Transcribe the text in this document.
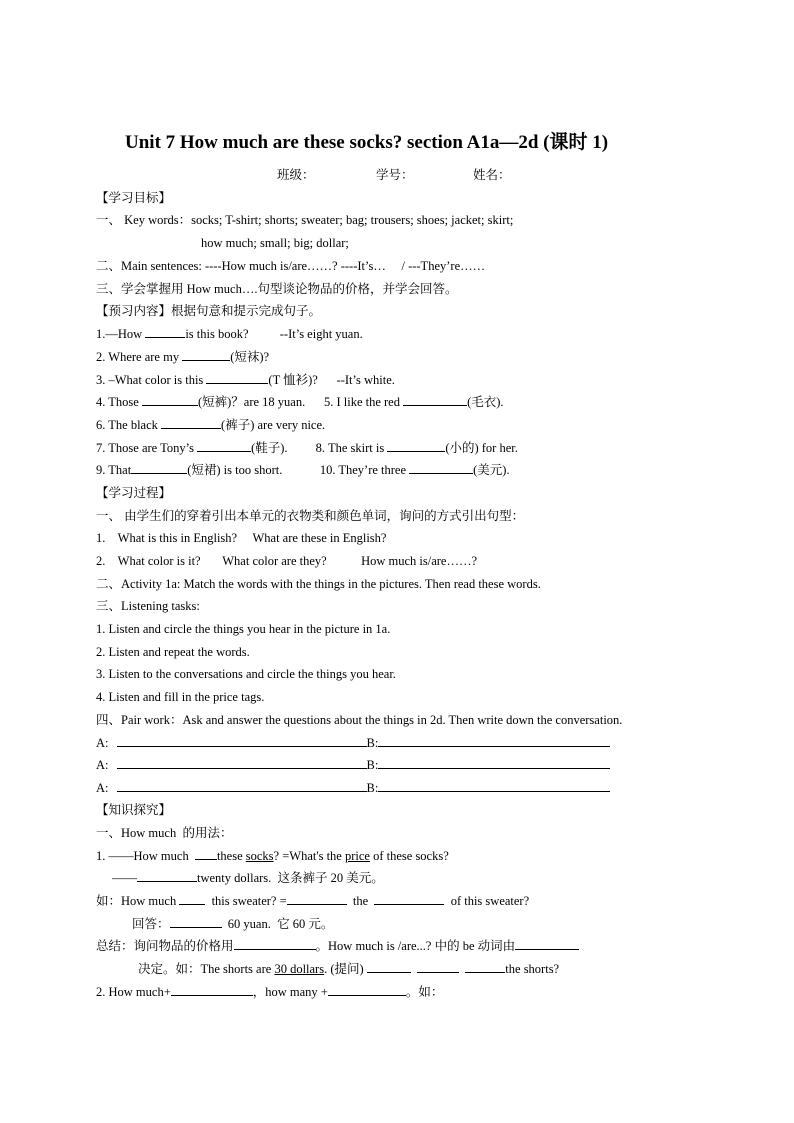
Unit 7 How much are these socks? section A1a—2d (课时 1)
班级：	学号：	姓名：
【学习目标】
一、 Key words：socks; T-shirt; shorts; sweater; bag; trousers; shoes; jacket; skirt;
how much; small; big; dollar;
二、Main sentences: ----How much is/are……? ----It’s…     / ---They’re……
三、学会掌握用 How much….句型谈论物品的价格，并学会回答。
【预习内容】根据句意和提示完成句子。
1.—How	is this book?          --It’s eight yuan.
2. Where are my	(短袜)?
3. –What color is this	(T 恤衫)?      --It’s white.
4. Those	(短裤)？are 18 yuan.      5. I like the red	(毛衣).
6. The black	(裤子) are very nice.
7. Those are Tony’s	(鞋子).         8. The skirt is	(小的) for her.
9. That	(短裙) is too short.            10. They’re three	(美元).
【学习过程】
一、 由学生们的穿着引出本单元的衣物类和颜色单词，询问的方式引出句型：
1.    What is this in English?     What are these in English?
2.    What color is it?       What color are they?           How much is/are……?
二、Activity 1a: Match the words with the things in the pictures. Then read these words.
三、Listening tasks:
1. Listen and circle the things you hear in the picture in 1a.
2. Listen and repeat the words.
3. Listen to the conversations and circle the things you hear.
4. Listen and fill in the price tags.
四、Pair work：Ask and answer the questions about the things in 2d. Then write down the conversation.
A:	B:
A:	B:
A:	B:
【知识探究】
一、How much  的用法：
1. ——How much  these socks? =What's the price of these socks?
——	twenty dollars.  这条裤子 20 美元。
如：How much   this sweater? =	the	of this sweater?
回答：	60 yuan.  它 60 元。
总结：询问物品的价格用	。How much is /are...? 中的 be 动词由
决定。如：The shorts are 30 dollars. (提问)	the shorts?
2. How much+	，how many +	。如：
